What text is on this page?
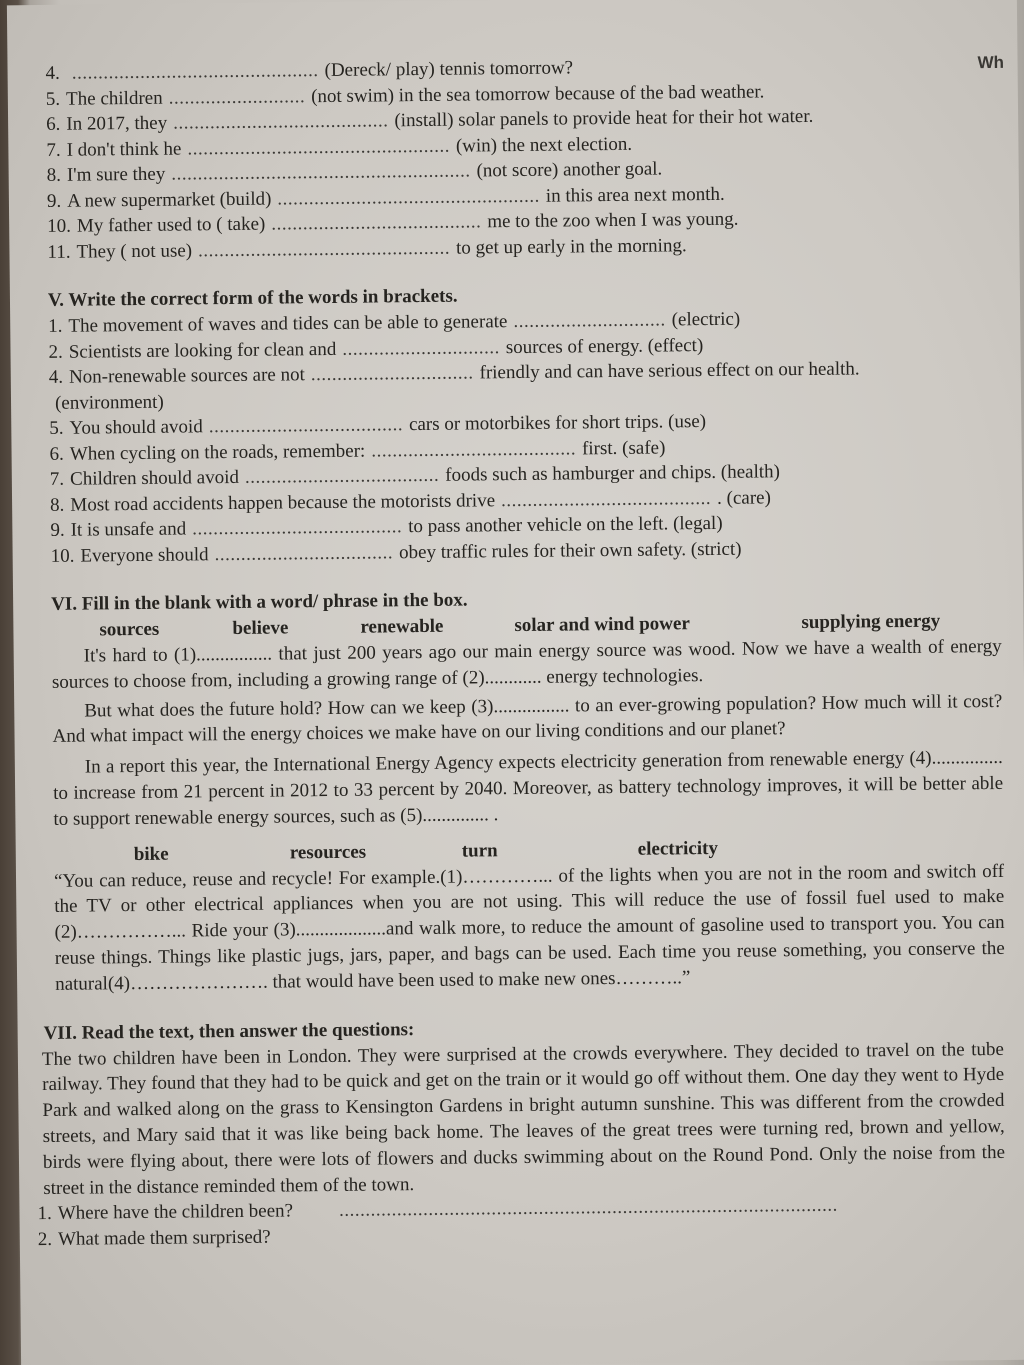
Wh
4. ............................................... (Dereck/ play) tennis tomorrow?
5. The children .......................... (not swim) in the sea tomorrow because of the bad weather.
6. In 2017, they ......................................... (install) solar panels to provide heat for their hot water.
7. I don't think he .................................................. (win) the next election.
8. I'm sure they ......................................................... (not score) another goal.
9. A new supermarket (build) .................................................. in this area next month.
10. My father used to ( take) ........................................ me to the zoo when I was young.
11. They ( not use) ................................................ to get up early in the morning.
V. Write the correct form of the words in brackets.
1. The movement of waves and tides can be able to generate ............................. (electric)
2. Scientists are looking for clean and .............................. sources of energy. (effect)
4. Non-renewable sources are not ............................... friendly and can have serious effect on our health.
(environment)
5. You should avoid ..................................... cars or motorbikes for short trips. (use)
6. When cycling on the roads, remember: ....................................... first. (safe)
7. Children should avoid ..................................... foods such as hamburger and chips. (health)
8. Most road accidents happen because the motorists drive ........................................ . (care)
9. It is unsafe and ........................................ to pass another vehicle on the left. (legal)
10. Everyone should .................................. obey traffic rules for their own safety. (strict)
VI. Fill in the blank with a word/ phrase in the box.
sources	believe	renewable	solar and wind power	supplying energy

It's hard to (1)................ that just 200 years ago our main energy source was wood. Now we have a wealth of energy sources to choose from, including a growing range of (2)............ energy technologies.

But what does the future hold? How can we keep (3)................ to an ever-growing population? How much will it cost? And what impact will the energy choices we make have on our living conditions and our planet?

In a report this year, the International Energy Agency expects electricity generation from renewable energy (4)............... to increase from 21 percent in 2012 to 33 percent by 2040. Moreover, as battery technology improves, it will be better able to support renewable energy sources, such as (5).............. .

bike	resources	turn	electricity

“You can reduce, reuse and recycle! For example.(1)…………... of the lights when you are not in the room and switch off the TV or other electrical appliances when you are not using. This will reduce the use of fossil fuel used to make (2)……………... Ride your (3)...................and walk more, to reduce the amount of gasoline used to transport you. You can reuse things. Things like plastic jugs, jars, paper, and bags can be used. Each time you reuse something, you conserve the natural(4)…………………. that would have been used to make new ones………..”

VII. Read the text, then answer the questions:

The two children have been in London. They were surprised at the crowds everywhere. They decided to travel on the tube railway. They found that they had to be quick and get on the train or it would go off without them. One day they went to Hyde Park and walked along on the grass to Kensington Gardens in bright autumn sunshine. This was different from the crowded streets, and Mary said that it was like being back home. The leaves of the great trees were turning red, brown and yellow, birds were flying about, there were lots of flowers and ducks swimming about on the Round Pond. Only the noise from the street in the distance reminded them of the town.

1. Where have the children been? ...............................................................................................
2. What made them surprised?
